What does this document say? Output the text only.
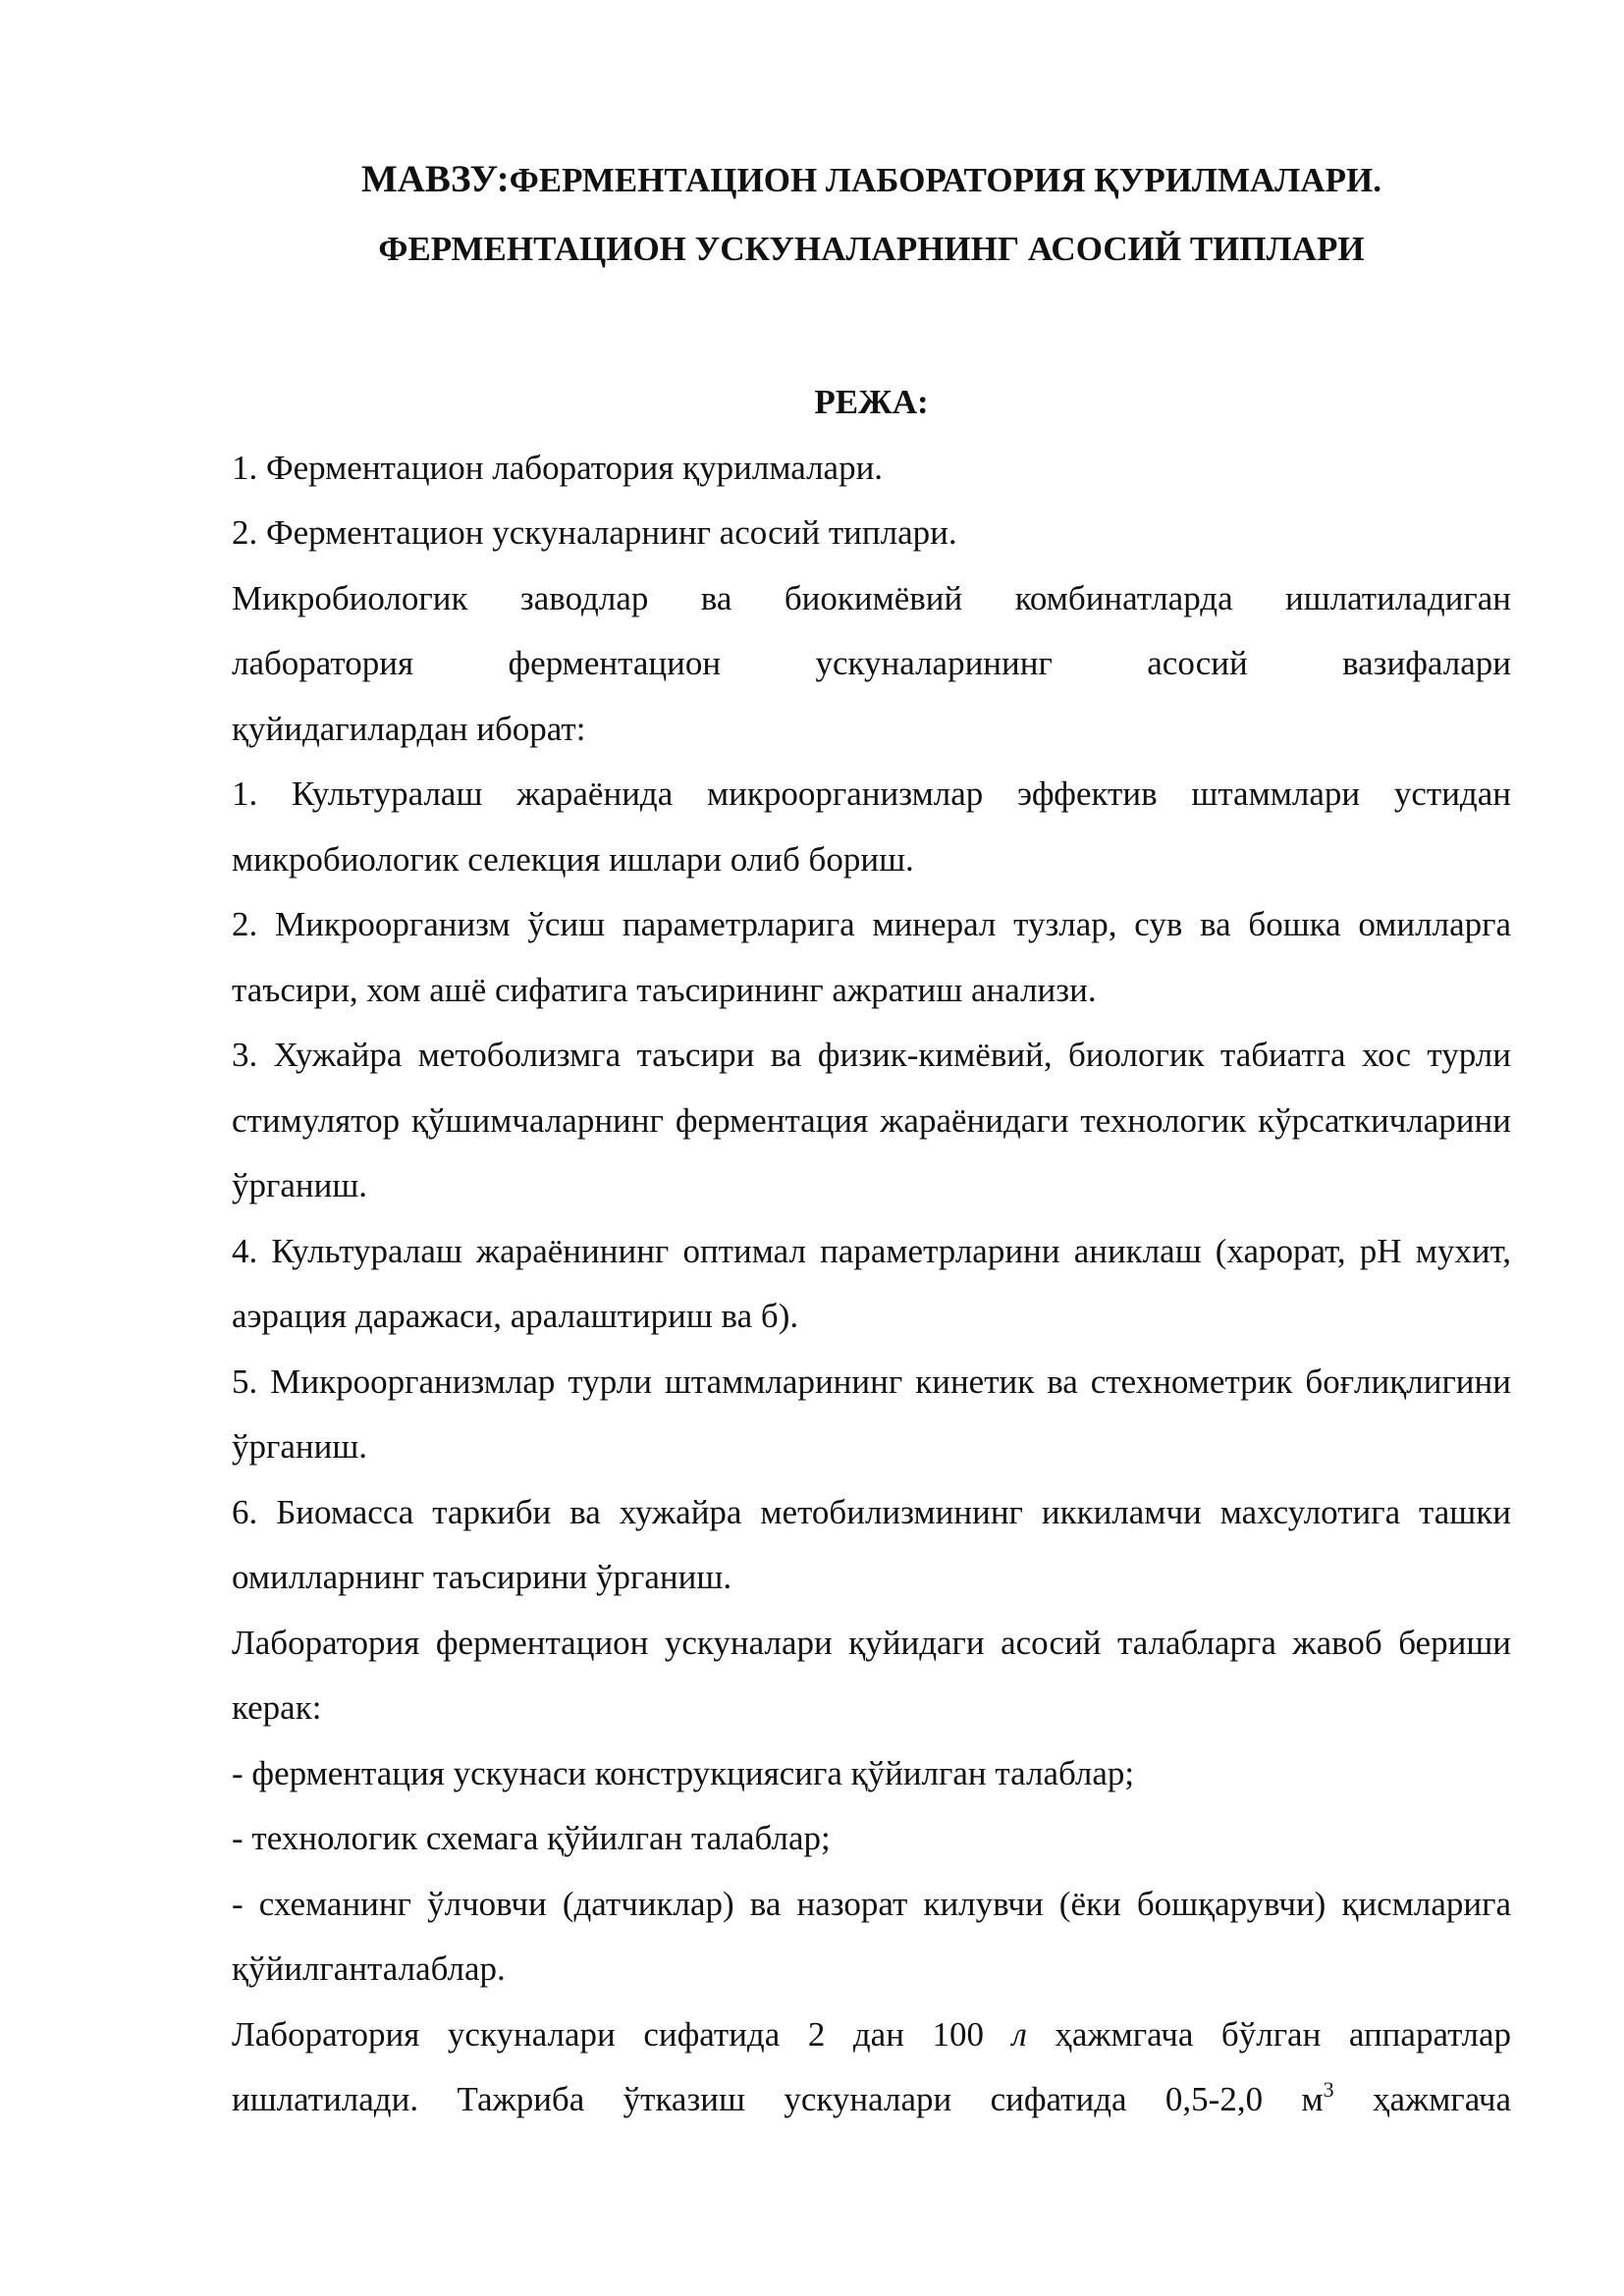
МАВЗУ:ФЕРМЕНТАЦИОН ЛАБОРАТОРИЯ ҚУРИЛМАЛАРИ.
ФЕРМЕНТАЦИОН УСКУНАЛАРНИНГ АСОСИЙ ТИПЛАРИ
РЕЖА:

1. Ферментацион лаборатория қурилмалари.

2. Ферментацион ускуналарнинг асосий типлари.

Микробиологик заводлар ва биокимёвий комбинатларда ишлатиладиган

лаборатория ферментацион ускуналарининг асосий вазифалари

қуйидагилардан иборат:

1. Культуралаш жараёнида микроорганизмлар эффектив штаммлари устидан микробиологик селекция ишлари олиб бориш.

2. Микроорганизм ўсиш параметрларига минерал тузлар, сув ва бошка омилларга таъсири, хом ашё сифатига таъсирининг ажратиш анализи.

3. Хужайра метоболизмга таъсири ва физик-кимёвий, биологик табиатга хос турли стимулятор қўшимчаларнинг ферментация жараёнидаги технологик кўрсаткичларини ўрганиш.

4. Культуралаш жараёнининг оптимал параметрларини аниклаш (харорат, рН мухит, аэрация даражаси, аралаштириш ва б).

5. Микроорганизмлар турли штаммларининг кинетик ва стехнометрик боғлиқлигини ўрганиш.

6. Биомасса таркиби ва хужайра метобилизмининг иккиламчи махсулотига ташки омилларнинг таъсирини ўрганиш.

Лаборатория ферментацион ускуналари қуйидаги асосий талабларга жавоб бериши керак:

- ферментация ускунаси конструкциясига қўйилган талаблар;

- технологик схемага қўйилган талаблар;

- схеманинг ўлчовчи (датчиклар) ва назорат килувчи (ёки бошқарувчи) қисмларига қўйилганталаблар.

Лаборатория ускуналари сифатида 2 дан 100 л ҳажмгача бўлган аппаратлар ишлатилади. Тажриба ўтказиш ускуналари сифатида 0,5-2,0 $м^3$ ҳажмгача
